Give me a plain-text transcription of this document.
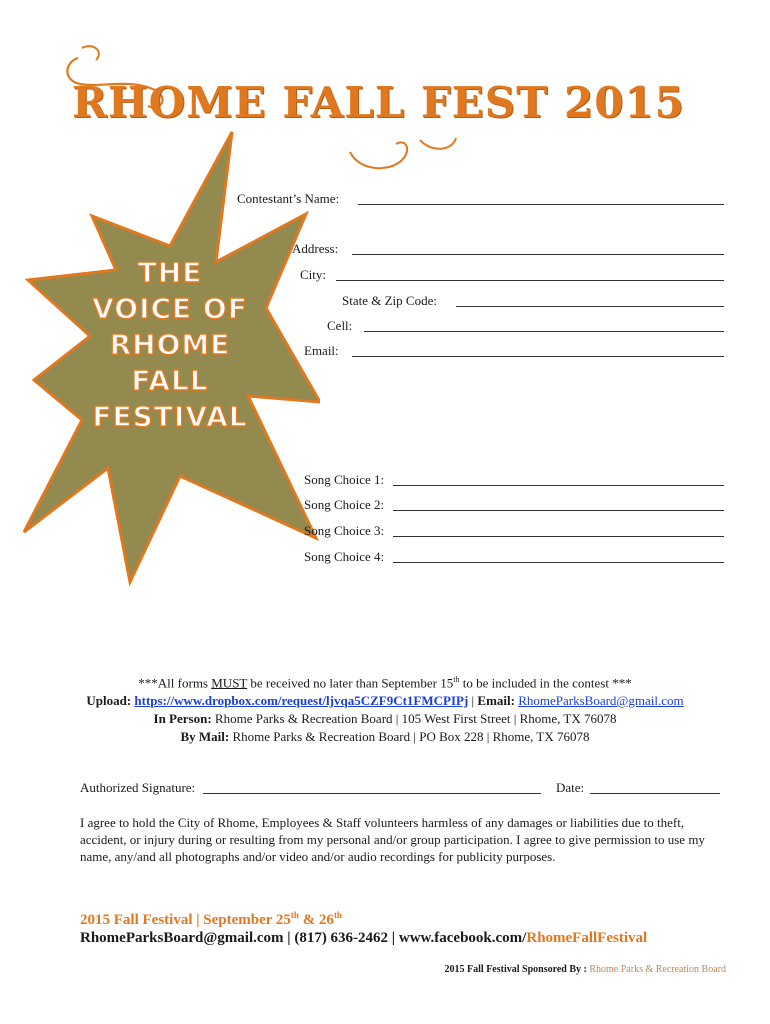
RHOME FALL FEST 2015
THE
VOICE OF
RHOME
FALL
FESTIVAL
Contestant’s Name:
Address:
City:
State & Zip Code:
Cell:
Email:
Song Choice 1:
Song Choice 2:
Song Choice 3:
Song Choice 4:
***All forms MUST be received no later than September 15th to be included in the contest ***
Upload: https://www.dropbox.com/request/ljvqa5CZF9Ct1FMCPIPj | Email: RhomeParksBoard@gmail.com
In Person: Rhome Parks & Recreation Board | 105 West First Street | Rhome, TX 76078
By Mail: Rhome Parks & Recreation Board | PO Box 228 | Rhome, TX 76078
Authorized Signature:	Date:
I agree to hold the City of Rhome, Employees & Staff volunteers harmless of any damages or liabilities due to theft, accident, or injury during or resulting from my personal and/or group participation. I agree to give permission to use my name, any/and all photographs and/or video and/or audio recordings for publicity purposes.
2015 Fall Festival | September 25th & 26th
RhomeParksBoard@gmail.com | (817) 636-2462 | www.facebook.com/RhomeFallFestival
2015 Fall Festival Sponsored By : Rhome Parks & Recreation Board
